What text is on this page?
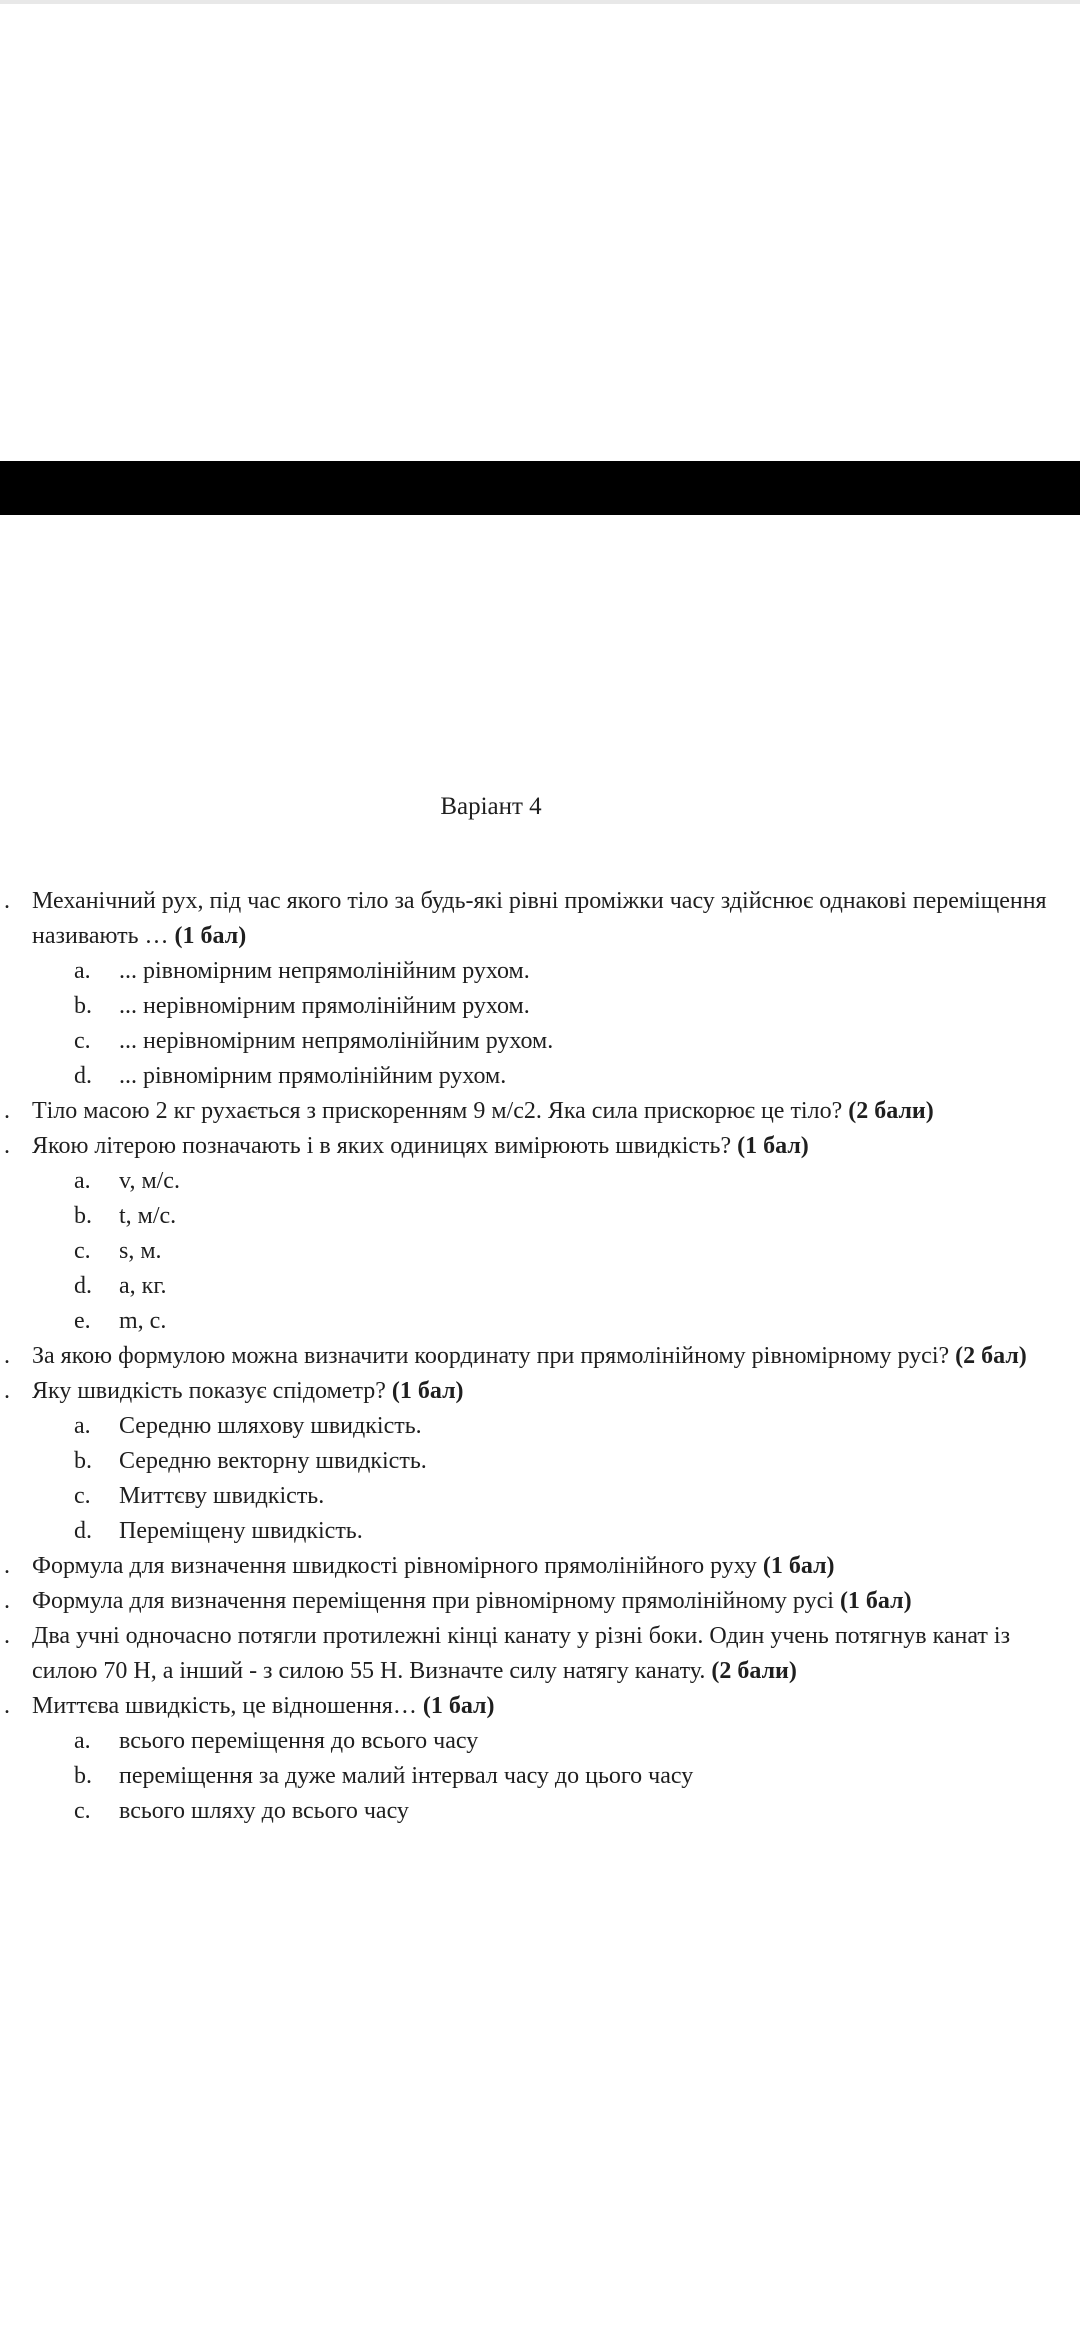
Варіант 4
. Механічний рух, під час якого тіло за будь-які рівні проміжки часу здійснює однакові переміщення називають … (1 бал)
a. ... рівномірним непрямолінійним рухом.
b. ... нерівномірним прямолінійним рухом.
c. ... нерівномірним непрямолінійним рухом.
d. ... рівномірним прямолінійним рухом.
. Тіло масою 2 кг рухається з прискоренням 9 м/с2. Яка сила прискорює це тіло? (2 бали)
. Якою літерою позначають і в яких одиницях вимірюють швидкість? (1 бал)
a. v, м/с.
b. t, м/с.
c. s, м.
d. a, кг.
e. m, с.
. За якою формулою можна визначити координату при прямолінійному рівномірному русі? (2 бал)
. Яку швидкість показує спідометр? (1 бал)
a. Середню шляхову швидкість.
b. Середню векторну швидкість.
c. Миттєву швидкість.
d. Переміщену швидкість.
. Формула для визначення швидкості рівномірного прямолінійного руху (1 бал)
. Формула для визначення переміщення при рівномірному прямолінійному русі (1 бал)
. Два учні одночасно потягли протилежні кінці канату у різні боки. Один учень потягнув канат із силою 70 Н, а інший - з силою 55 Н. Визначте силу натягу канату. (2 бали)
. Миттєва швидкість, це відношення… (1 бал)
a. всього переміщення до всього часу
b. переміщення за дуже малий інтервал часу до цього часу
c. всього шляху до всього часу
